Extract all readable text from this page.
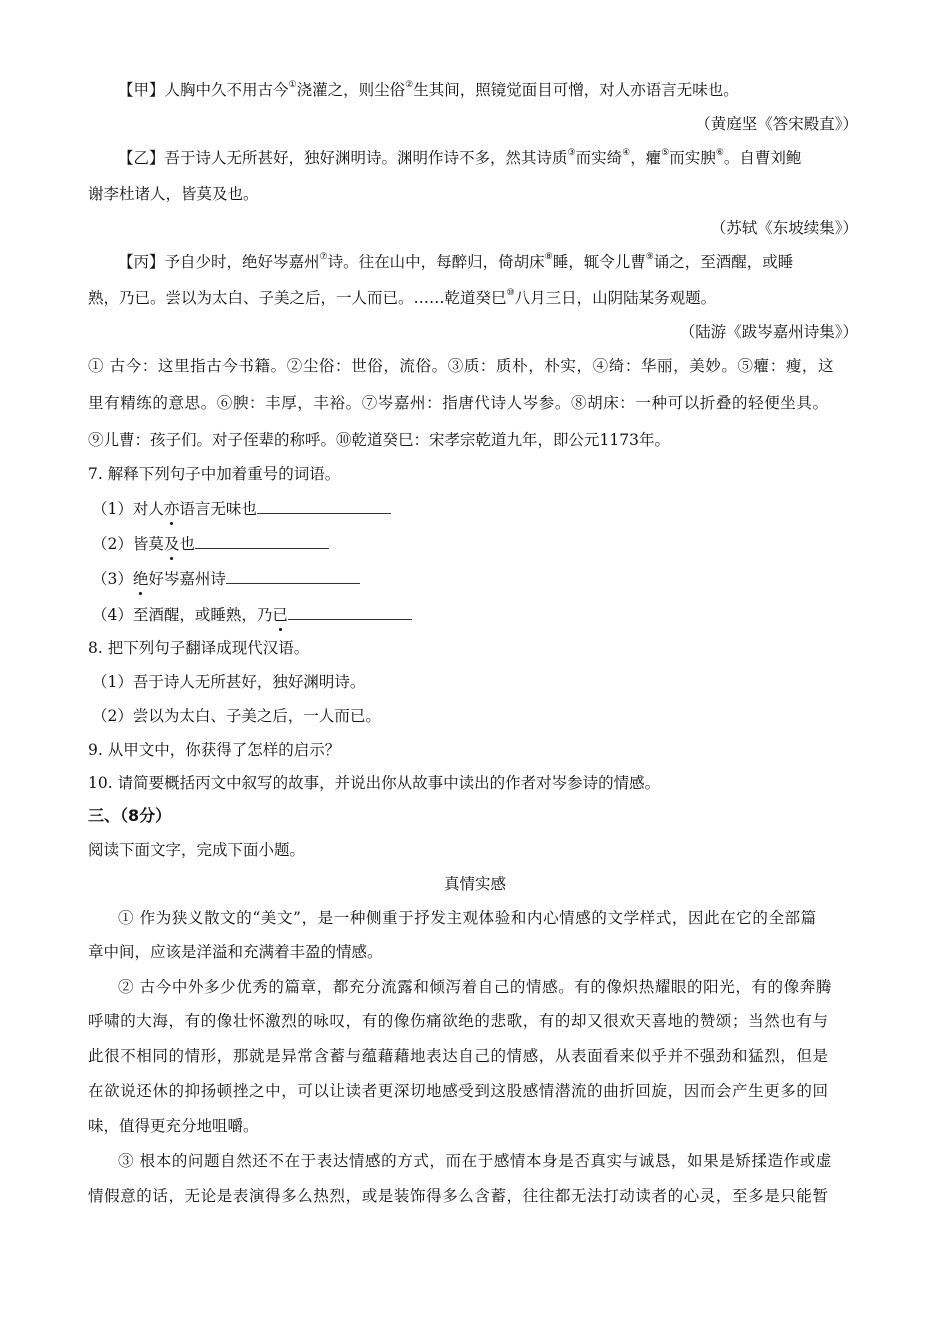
【甲】人胸中久不用古今①浇灌之，则尘俗②生其间，照镜觉面目可憎，对人亦语言无味也。
（黄庭坚《答宋殿直》）
【乙】吾于诗人无所甚好，独好渊明诗。渊明作诗不多，然其诗质③而实绮④，癯⑤而实腴⑥。自曹刘鲍
谢李杜诸人，皆莫及也。
（苏轼《东坡续集》）
【丙】予自少时，绝好岑嘉州⑦诗。往在山中，每醉归，倚胡床⑧睡，辄令儿曹⑨诵之，至酒醒，或睡
熟，乃已。尝以为太白、子美之后，一人而已。……乾道癸巳⑩八月三日，山阴陆某务观题。
（陆游《跋岑嘉州诗集》）
① 古今：这里指古今书籍。②尘俗：世俗，流俗。③质：质朴，朴实，④绮：华丽，美妙。⑤癯：瘦，这
里有精练的意思。⑥腴：丰厚，丰裕。⑦岑嘉州：指唐代诗人岑参。⑧胡床：一种可以折叠的轻便坐具。
⑨儿曹：孩子们。对子侄辈的称呼。⑩乾道癸巳：宋孝宗乾道九年，即公元1173年。
7. 解释下列句子中加着重号的词语。
（1）对人亦语言无味也
（2）皆莫及也
（3）绝好岑嘉州诗
（4）至酒醒，或睡熟，乃已
8. 把下列句子翻译成现代汉语。
（1）吾于诗人无所甚好，独好渊明诗。
（2）尝以为太白、子美之后，一人而已。
9. 从甲文中，你获得了怎样的启示？
10. 请简要概括丙文中叙写的故事，并说出你从故事中读出的作者对岑参诗的情感。
三、（8分）
阅读下面文字，完成下面小题。
真情实感
① 作为狭义散文的“美文”，是一种侧重于抒发主观体验和内心情感的文学样式，因此在它的全部篇
章中间，应该是洋溢和充满着丰盈的情感。
② 古今中外多少优秀的篇章，都充分流露和倾泻着自己的情感。有的像炽热耀眼的阳光，有的像奔腾
呼啸的大海，有的像壮怀激烈的咏叹，有的像伤痛欲绝的悲歌，有的却又很欢天喜地的赞颂；当然也有与
此很不相同的情形，那就是异常含蓄与蕴藉藉地表达自己的情感，从表面看来似乎并不强劲和猛烈，但是
在欲说还休的抑扬顿挫之中，可以让读者更深切地感受到这股感情潜流的曲折回旋，因而会产生更多的回
味，值得更充分地咀嚼。
③ 根本的问题自然还不在于表达情感的方式，而在于感情本身是否真实与诚恳，如果是矫揉造作或虚
情假意的话，无论是表演得多么热烈，或是装饰得多么含蓄，往往都无法打动读者的心灵，至多是只能暂
